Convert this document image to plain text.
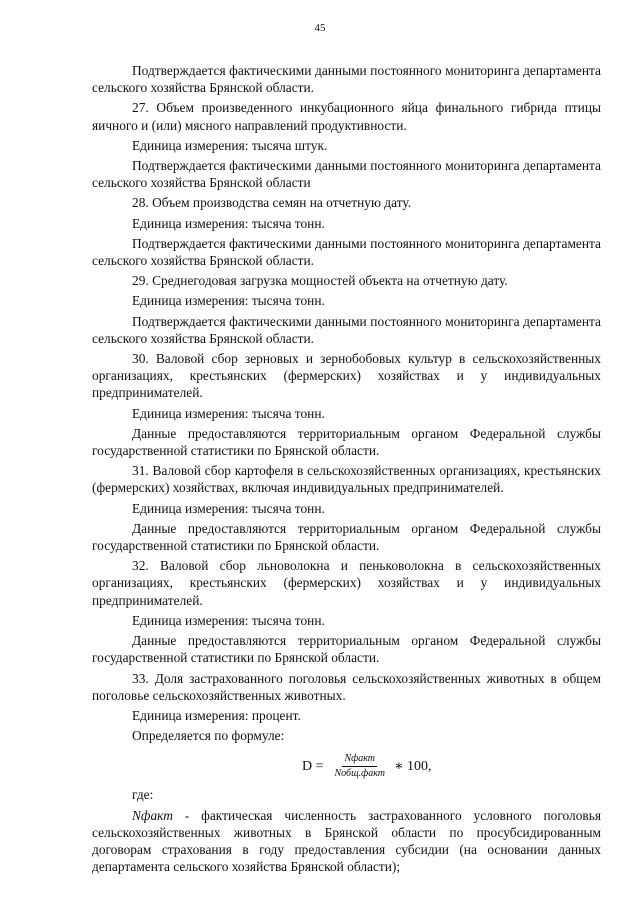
45

Подтверждается фактическими данными постоянного мониторинга департамента сельского хозяйства Брянской области.

27. Объем произведенного инкубационного яйца финального гибрида птицы яичного и (или) мясного направлений продуктивности.

Единица измерения: тысяча штук.

Подтверждается фактическими данными постоянного мониторинга департамента сельского хозяйства Брянской области

28. Объем производства семян на отчетную дату.

Единица измерения: тысяча тонн.

Подтверждается фактическими данными постоянного мониторинга департамента сельского хозяйства Брянской области.

29. Среднегодовая загрузка мощностей объекта на отчетную дату.

Единица измерения: тысяча тонн.

Подтверждается фактическими данными постоянного мониторинга департамента сельского хозяйства Брянской области.

30. Валовой сбор зерновых и зернобобовых культур в сельскохозяйственных организациях, крестьянских (фермерских) хозяйствах и у индивидуальных предпринимателей.

Единица измерения: тысяча тонн.

Данные предоставляются территориальным органом Федеральной службы государственной статистики по Брянской области.

31. Валовой сбор картофеля в сельскохозяйственных организациях, крестьянских (фермерских) хозяйствах, включая индивидуальных предпринимателей.

Единица измерения: тысяча тонн.

Данные предоставляются территориальным органом Федеральной службы государственной статистики по Брянской области.

32. Валовой сбор льноволокна и пеньковолокна в сельскохозяйственных организациях, крестьянских (фермерских) хозяйствах и у индивидуальных предпринимателей.

Единица измерения: тысяча тонн.

Данные предоставляются территориальным органом Федеральной службы государственной статистики по Брянской области.

33. Доля застрахованного поголовья сельскохозяйственных животных в общем поголовье сельскохозяйственных животных.

Единица измерения: процент.

Определяется по формуле:

$D = \frac{\text{Nфакт}}{\text{Nобщ.факт}}$ ∗ 100,

где:

Nфакт - фактическая численность застрахованного условного поголовья сельскохозяйственных животных в Брянской области по просубсидированным договорам страхования в году предоставления субсидии (на основании данных департамента сельского хозяйства Брянской области);
